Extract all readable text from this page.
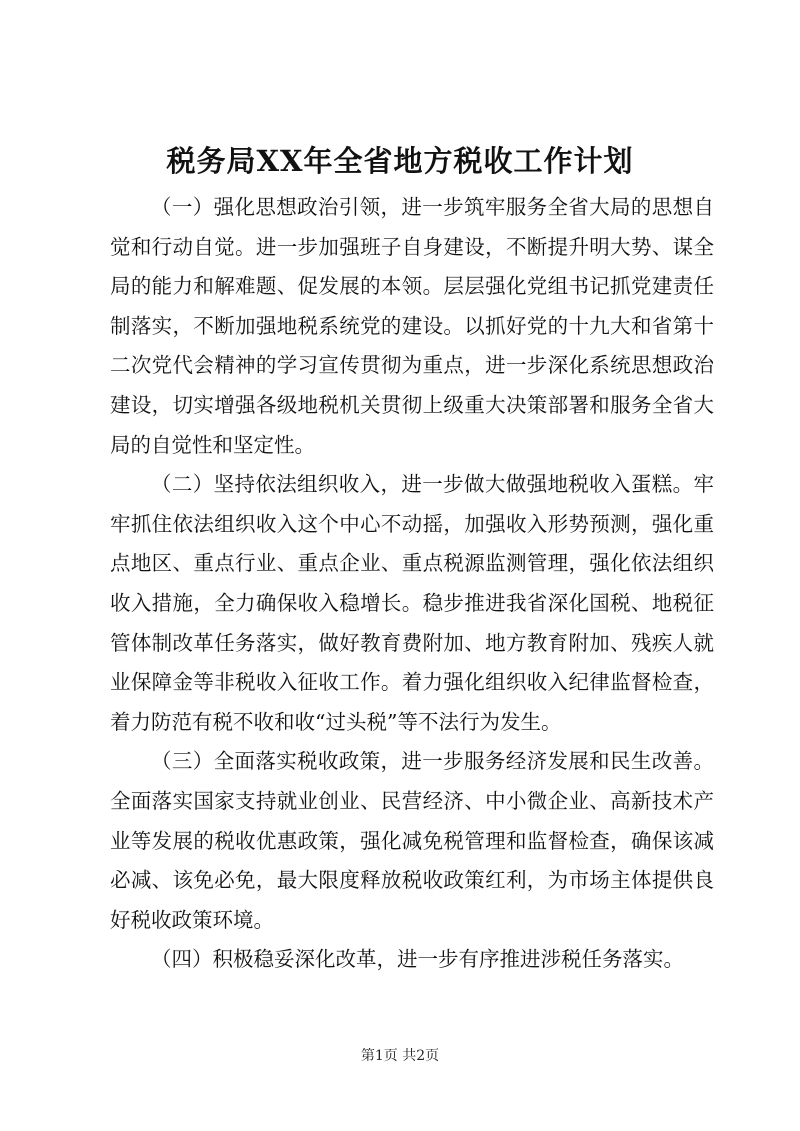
税务局XX年全省地方税收工作计划

（一）强化思想政治引领，进一步筑牢服务全省大局的思想自觉和行动自觉。进一步加强班子自身建设，不断提升明大势、谋全局的能力和解难题、促发展的本领。层层强化党组书记抓党建责任制落实，不断加强地税系统党的建设。以抓好党的十九大和省第十二次党代会精神的学习宣传贯彻为重点，进一步深化系统思想政治建设，切实增强各级地税机关贯彻上级重大决策部署和服务全省大局的自觉性和坚定性。

（二）坚持依法组织收入，进一步做大做强地税收入蛋糕。牢牢抓住依法组织收入这个中心不动摇，加强收入形势预测，强化重点地区、重点行业、重点企业、重点税源监测管理，强化依法组织收入措施，全力确保收入稳增长。稳步推进我省深化国税、地税征管体制改革任务落实，做好教育费附加、地方教育附加、残疾人就业保障金等非税收入征收工作。着力强化组织收入纪律监督检查，着力防范有税不收和收“过头税”等不法行为发生。

（三）全面落实税收政策，进一步服务经济发展和民生改善。全面落实国家支持就业创业、民营经济、中小微企业、高新技术产业等发展的税收优惠政策，强化减免税管理和监督检查，确保该减必减、该免必免，最大限度释放税收政策红利，为市场主体提供良好税收政策环境。

（四）积极稳妥深化改革，进一步有序推进涉税任务落实。

第1页 共2页
